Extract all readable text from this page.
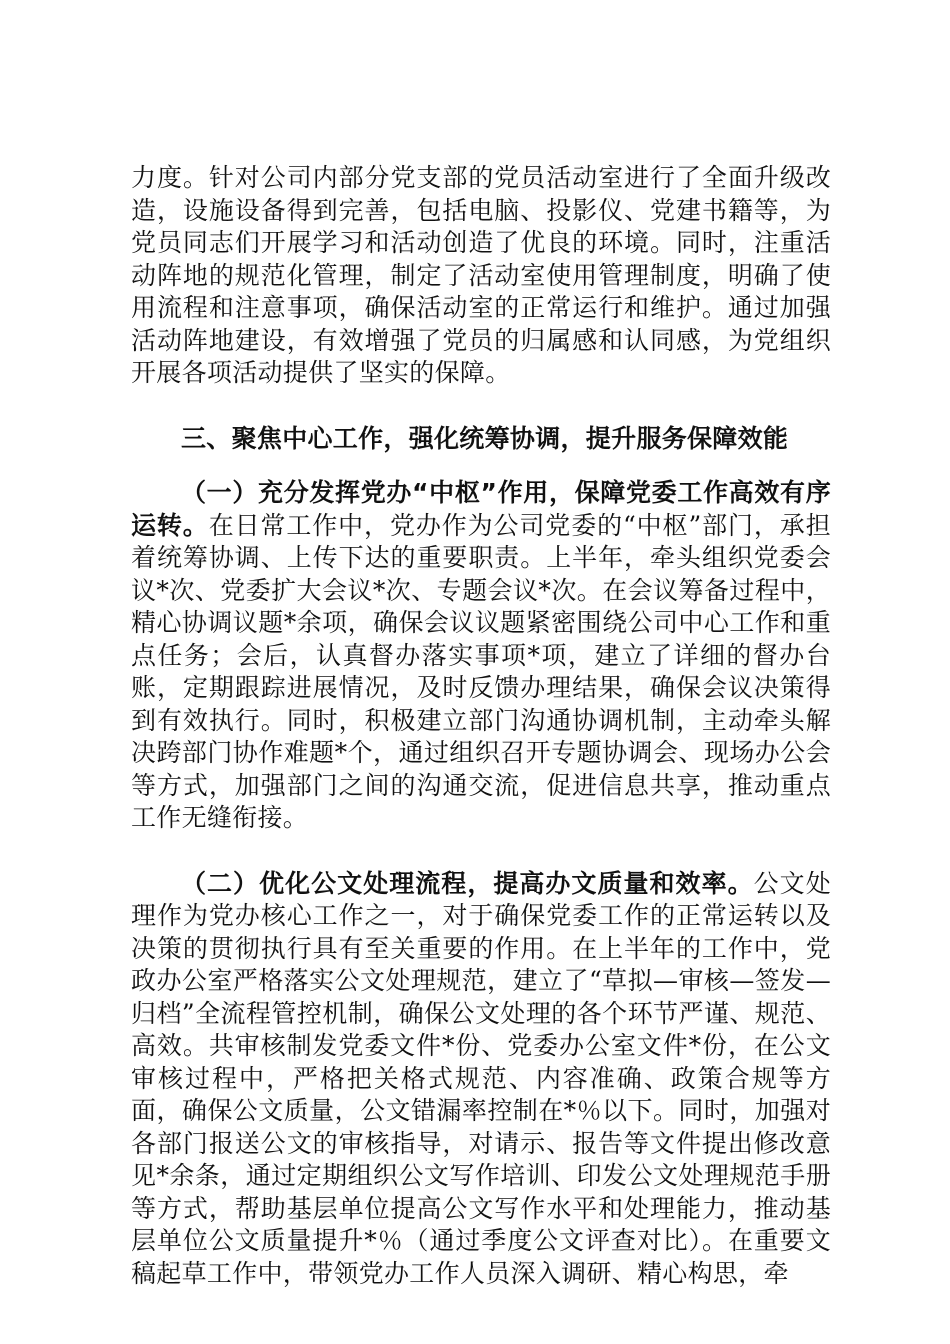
力度。针对公司内部分党支部的党员活动室进行了全面升级改造，设施设备得到完善，包括电脑、投影仪、党建书籍等，为党员同志们开展学习和活动创造了优良的环境。同时，注重活动阵地的规范化管理，制定了活动室使用管理制度，明确了使用流程和注意事项，确保活动室的正常运行和维护。通过加强活动阵地建设，有效增强了党员的归属感和认同感，为党组织开展各项活动提供了坚实的保障。

三、聚焦中心工作，强化统筹协调，提升服务保障效能

（一）充分发挥党办“中枢”作用，保障党委工作高效有序运转。在日常工作中，党办作为公司党委的“中枢”部门，承担着统筹协调、上传下达的重要职责。上半年，牵头组织党委会议*次、党委扩大会议*次、专题会议*次。在会议筹备过程中，精心协调议题*余项，确保会议议题紧密围绕公司中心工作和重点任务；会后，认真督办落实事项*项，建立了详细的督办台账，定期跟踪进展情况，及时反馈办理结果，确保会议决策得到有效执行。同时，积极建立部门沟通协调机制，主动牵头解决跨部门协作难题*个，通过组织召开专题协调会、现场办公会等方式，加强部门之间的沟通交流，促进信息共享，推动重点工作无缝衔接。

（二）优化公文处理流程，提高办文质量和效率。公文处理作为党办核心工作之一，对于确保党委工作的正常运转以及决策的贯彻执行具有至关重要的作用。在上半年的工作中，党政办公室严格落实公文处理规范，建立了“草拟—审核—签发—归档”全流程管控机制，确保公文处理的各个环节严谨、规范、高效。共审核制发党委文件*份、党委办公室文件*份，在公文审核过程中，严格把关格式规范、内容准确、政策合规等方面，确保公文质量，公文错漏率控制在*％以下。同时，加强对各部门报送公文的审核指导，对请示、报告等文件提出修改意见*余条，通过定期组织公文写作培训、印发公文处理规范手册等方式，帮助基层单位提高公文写作水平和处理能力，推动基层单位公文质量提升*％（通过季度公文评查对比）。在重要文稿起草工作中，带领党办工作人员深入调研、精心构思，牵
